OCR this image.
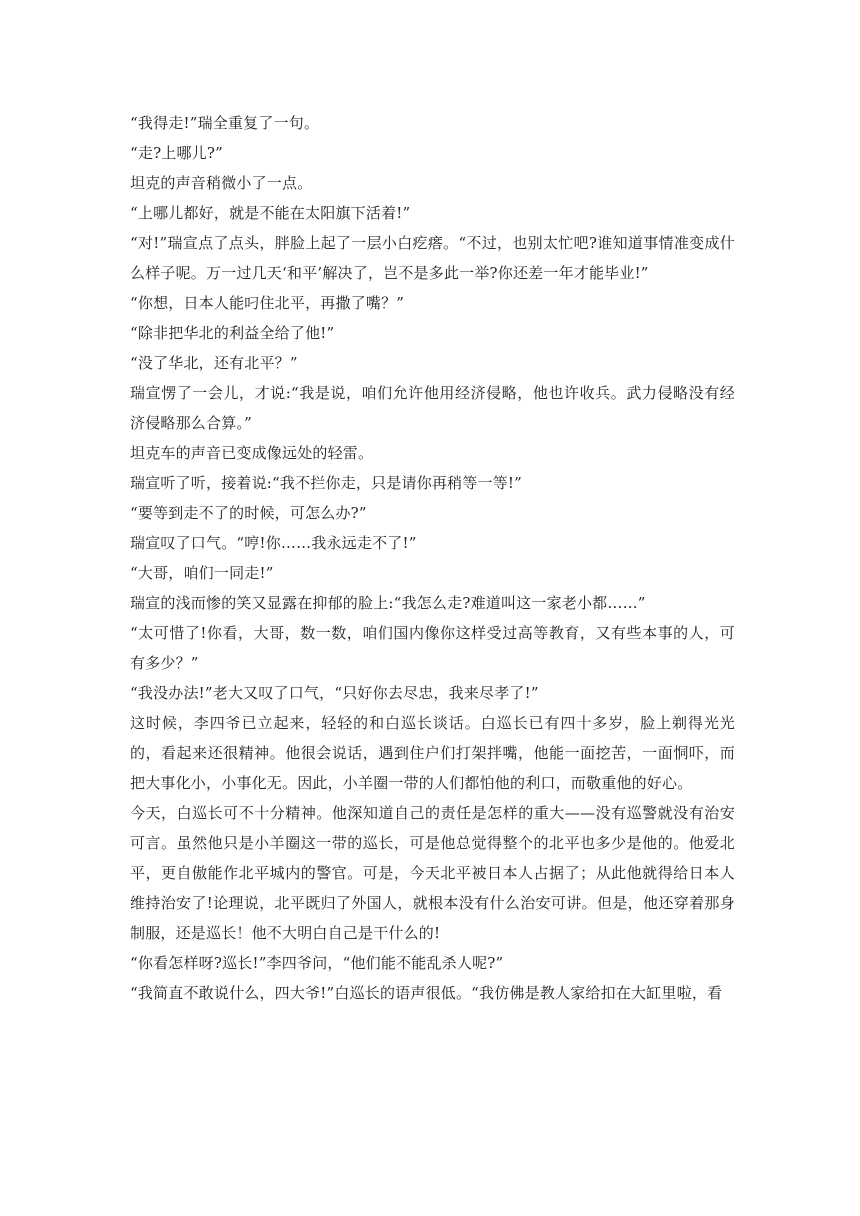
“我得走!”瑞全重复了一句。

“走?上哪儿?”

坦克的声音稍微小了一点。

“上哪儿都好，就是不能在太阳旗下活着!”

“对!”瑞宣点了点头，胖脸上起了一层小白疙瘩。“不过，也别太忙吧?谁知道事情准变成什么样子呢。万一过几天‘和平’解决了，岂不是多此一举?你还差一年才能毕业!”

“你想，日本人能叼住北平，再撒了嘴？”

“除非把华北的利益全给了他!”

“没了华北，还有北平？”

瑞宣愣了一会儿，才说:“我是说，咱们允许他用经济侵略，他也许收兵。武力侵略没有经济侵略那么合算。”

坦克车的声音已变成像远处的轻雷。

瑞宣听了听，接着说:“我不拦你走，只是请你再稍等一等!”

“要等到走不了的时候，可怎么办?”

瑞宣叹了口气。“哼!你……我永远走不了!”

“大哥，咱们一同走!”

瑞宣的浅而惨的笑又显露在抑郁的脸上:“我怎么走?难道叫这一家老小都……”

“太可惜了!你看，大哥，数一数，咱们国内像你这样受过高等教育，又有些本事的人，可有多少？”

“我没办法!”老大又叹了口气，“只好你去尽忠，我来尽孝了!”

这时候，李四爷已立起来，轻轻的和白巡长谈话。白巡长已有四十多岁，脸上剃得光光的，看起来还很精神。他很会说话，遇到住户们打架拌嘴，他能一面挖苦，一面恫吓，而把大事化小，小事化无。因此，小羊圈一带的人们都怕他的利口，而敬重他的好心。

今天，白巡长可不十分精神。他深知道自己的责任是怎样的重大——没有巡警就没有治安可言。虽然他只是小羊圈这一带的巡长，可是他总觉得整个的北平也多少是他的。他爱北平，更自傲能作北平城内的警官。可是，今天北平被日本人占据了；从此他就得给日本人维持治安了!论理说，北平既归了外国人，就根本没有什么治安可讲。但是，他还穿着那身制服，还是巡长！他不大明白自己是干什么的!

“你看怎样呀?巡长!”李四爷问，“他们能不能乱杀人呢?”

“我简直不敢说什么，四大爷!”白巡长的语声很低。“我仿佛是教人家给扣在大缸里啦，看
